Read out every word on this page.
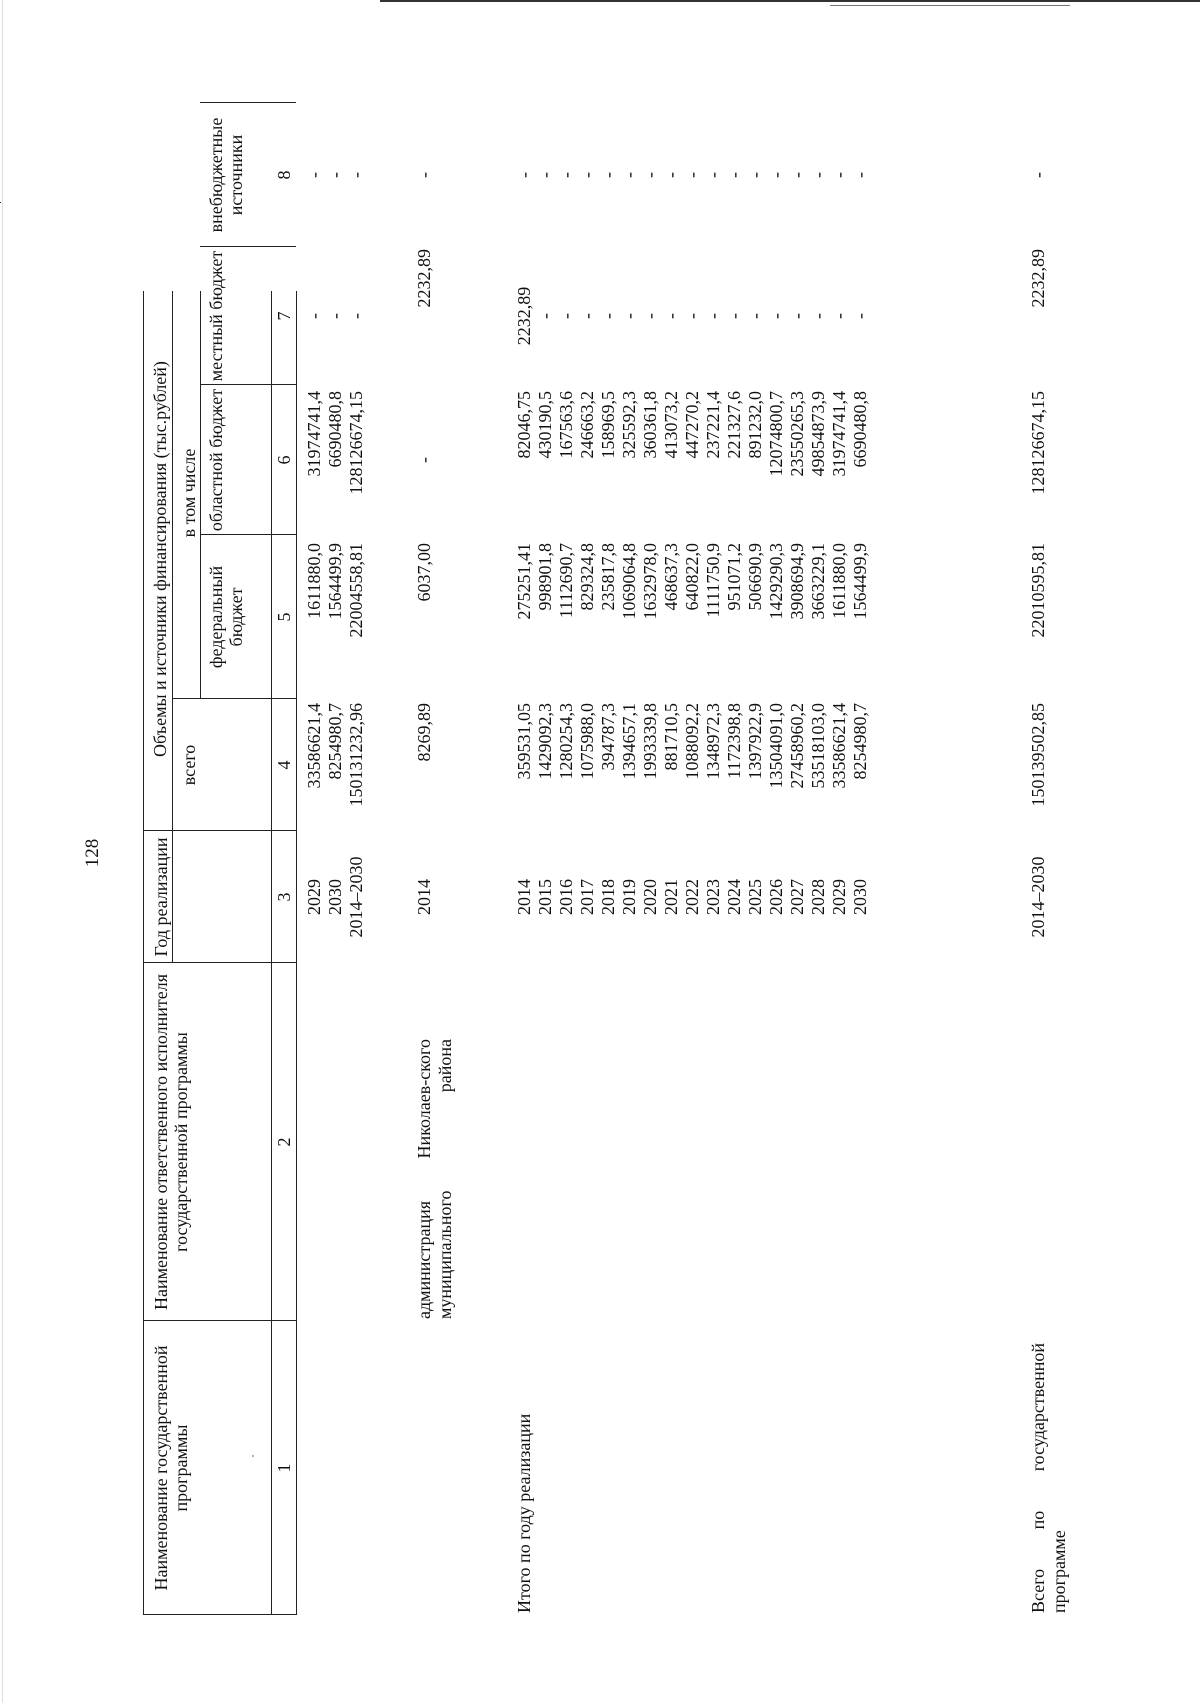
128
Наименование государственной программы
Наименование ответственного исполнителя государственной программы
Год реализации
Объемы и источники финансирования (тыс.рублей)
всего
в том числе
федеральный бюджет
областной бюджет
местный бюджет
внебюджетные источники
1
2
3
4
5
6
7
8
2029
2030
2014–2030
33586621,4
8254980,7
150131232,96
1611880,0
1564499,9
22004558,81
31974741,4
6690480,8
128126674,15
-
-
-
-
-
-
администрация Николаев-ского муниципального района
2014
8269,89
6037,00
-
2232,89
-
Итого по году реализации
2014
2015
2016
2017
2018
2019
2020
2021
2022
2023
2024
2025
2026
2027
2028
2029
2030
359531,05
1429092,3
1280254,3
1075988,0
394787,3
1394657,1
1993339,8
881710,5
1088092,2
1348972,3
1172398,8
1397922,9
13504091,0
27458960,2
53518103,0
33586621,4
8254980,7
275251,41
998901,8
1112690,7
829324,8
235817,8
1069064,8
1632978,0
468637,3
640822,0
1111750,9
951071,2
506690,9
1429290,3
3908694,9
3663229,1
1611880,0
1564499,9
82046,75
430190,5
167563,6
246663,2
158969,5
325592,3
360361,8
413073,2
447270,2
237221,4
221327,6
891232,0
12074800,7
23550265,3
49854873,9
31974741,4
6690480,8
2232,89
-
-
-
-
-
-
-
-
-
-
-
-
-
-
-
-
-
-
-
-
-
-
-
-
-
-
-
-
-
-
-
-
-
Всего по государственной программе
2014–2030
150139502,85
22010595,81
128126674,15
2232,89
-
